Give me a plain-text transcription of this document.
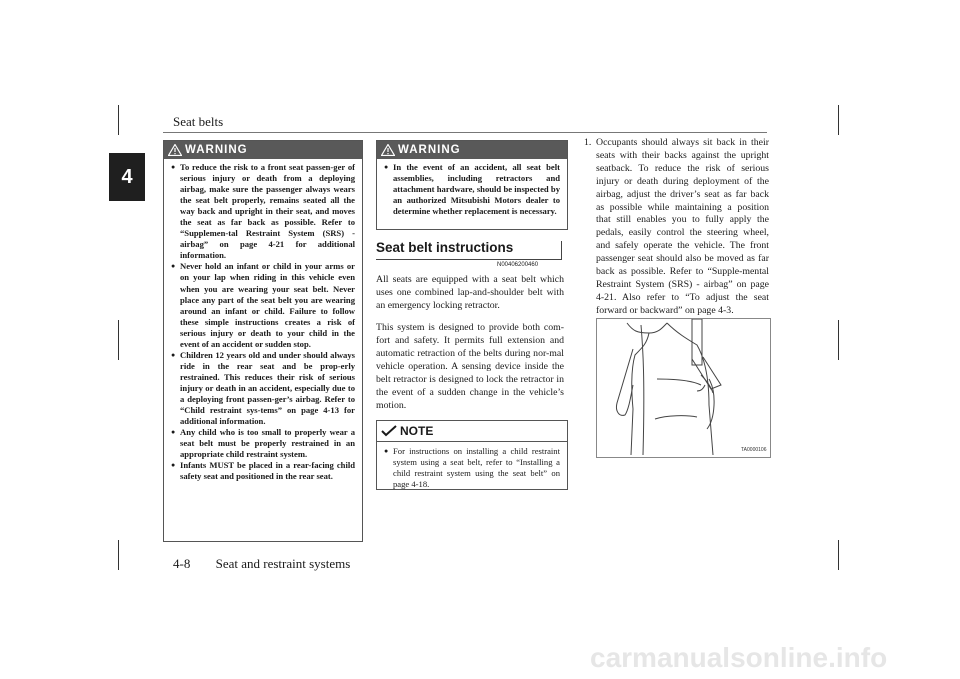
Seat belts
4
WARNING
● To reduce the risk to a front seat passen-ger of serious injury or death from a deploying airbag, make sure the passenger always wears the seat belt properly, remains seated all the way back and upright in their seat, and moves the seat as far back as possible. Refer to “Supplemen-tal Restraint System (SRS) - airbag” on page 4-21 for additional information.
● Never hold an infant or child in your arms or on your lap when riding in this vehicle even when you are wearing your seat belt. Never place any part of the seat belt you are wearing around an infant or child. Failure to follow these simple instructions creates a risk of serious injury or death to your child in the event of an accident or sudden stop.
● Children 12 years old and under should always ride in the rear seat and be prop-erly restrained. This reduces their risk of serious injury or death in an accident, especially due to a deploying front passen-ger’s airbag. Refer to “Child restraint sys-tems” on page 4-13 for additional information.
● Any child who is too small to properly wear a seat belt must be properly restrained in an appropriate child restraint system.
● Infants MUST be placed in a rear-facing child safety seat and positioned in the rear seat.
WARNING
● In the event of an accident, all seat belt assemblies, including retractors and attachment hardware, should be inspected by an authorized Mitsubishi Motors dealer to determine whether replacement is necessary.
Seat belt instructions
N00406200460

All seats are equipped with a seat belt which uses one combined lap-and-shoulder belt with an emergency locking retractor.

This system is designed to provide both com-fort and safety. It permits full extension and automatic retraction of the belts during nor-mal vehicle operation. A sensing device inside the belt retractor is designed to lock the retractor in the event of a sudden change in the vehicle’s motion.

NOTE
● For instructions on installing a child restraint system using a seat belt, refer to “Installing a child restraint system using the seat belt” on page 4-18.
1. Occupants should always sit back in their seats with their backs against the upright seatback. To reduce the risk of serious injury or death during deployment of the airbag, adjust the driver’s seat as far back as possible while maintaining a position that still enables you to fully apply the pedals, easily control the steering wheel, and safely operate the vehicle. The front passenger seat should also be moved as far back as possible. Refer to “Supple-mental Restraint System (SRS) - airbag” on page 4-21. Also refer to “To adjust the seat forward or backward” on page 4-3.
TA0000106
4-8 Seat and restraint systems
carmanualsonline.info
